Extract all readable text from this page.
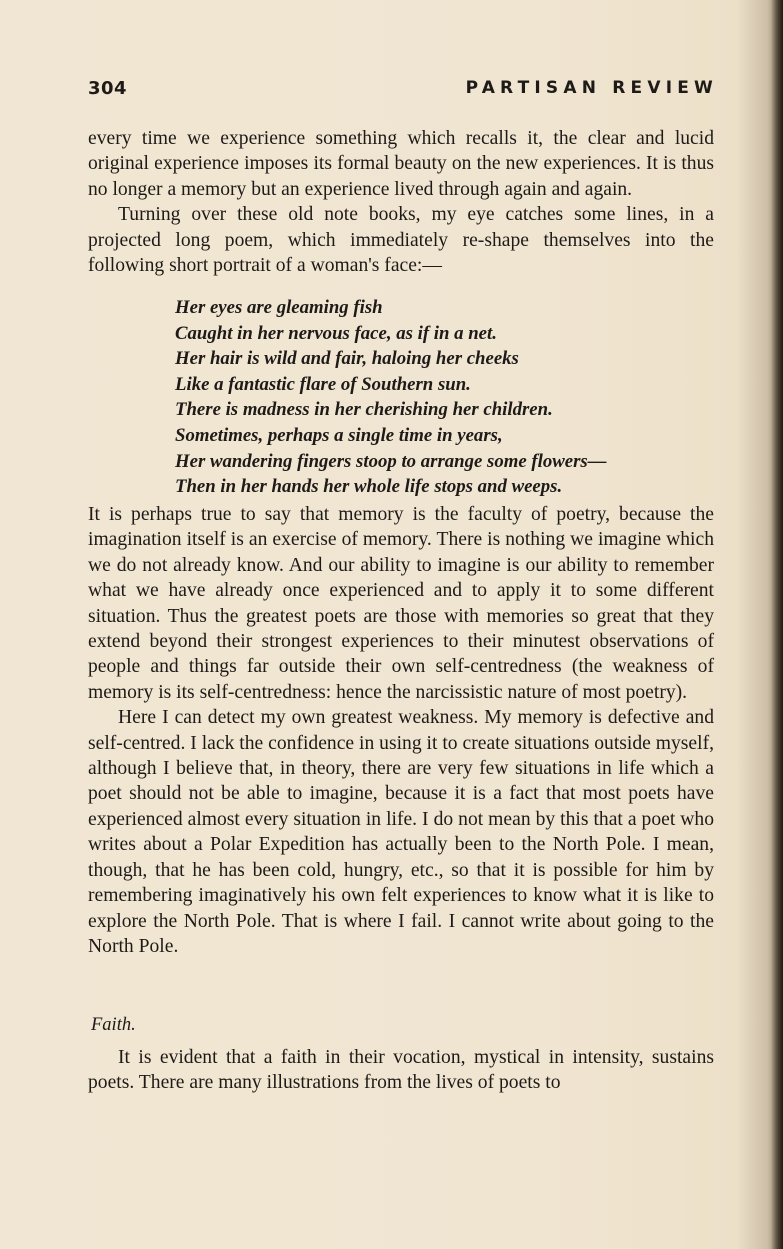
304	PARTISAN REVIEW

every time we experience something which recalls it, the clear and lucid original experience imposes its formal beauty on the new experiences. It is thus no longer a memory but an experience lived through again and again.

Turning over these old note books, my eye catches some lines, in a projected long poem, which immediately re-shape themselves into the following short portrait of a woman's face:—

Her eyes are gleaming fish
Caught in her nervous face, as if in a net.
Her hair is wild and fair, haloing her cheeks
Like a fantastic flare of Southern sun.
There is madness in her cherishing her children.
Sometimes, perhaps a single time in years,
Her wandering fingers stoop to arrange some flowers—
Then in her hands her whole life stops and weeps.

It is perhaps true to say that memory is the faculty of poetry, because the imagination itself is an exercise of memory. There is nothing we imagine which we do not already know. And our ability to imagine is our ability to remember what we have already once experienced and to apply it to some different situation. Thus the greatest poets are those with memories so great that they extend beyond their strongest experiences to their minutest observations of people and things far outside their own self-centredness (the weakness of memory is its self-centredness: hence the narcissistic nature of most poetry).

Here I can detect my own greatest weakness. My memory is defective and self-centred. I lack the confidence in using it to create situations outside myself, although I believe that, in theory, there are very few situations in life which a poet should not be able to imagine, because it is a fact that most poets have experienced almost every situation in life. I do not mean by this that a poet who writes about a Polar Expedition has actually been to the North Pole. I mean, though, that he has been cold, hungry, etc., so that it is possible for him by remembering imaginatively his own felt experiences to know what it is like to explore the North Pole. That is where I fail. I cannot write about going to the North Pole.

Faith.

It is evident that a faith in their vocation, mystical in intensity, sustains poets. There are many illustrations from the lives of poets to
